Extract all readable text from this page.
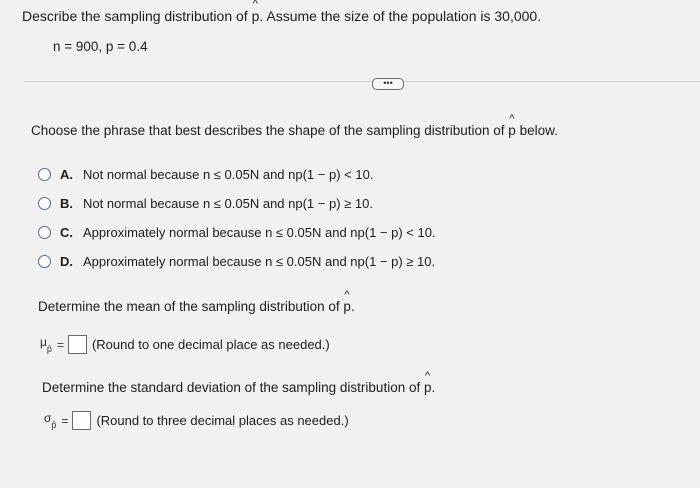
Describe the sampling distribution of
^
p. Assume the size of the population is 30,000.
n = 900, p = 0.4
•••
Choose the phrase that best describes the shape of the sampling distribution of
^
p below.
A. Not normal because n ≤ 0.05N and np(1 − p) < 10.
B. Not normal because n ≤ 0.05N and np(1 − p) ≥ 10.
C. Approximately normal because n ≤ 0.05N and np(1 − p) < 10.
D. Approximately normal because n ≤ 0.05N and np(1 − p) ≥ 10.
Determine the mean of the sampling distribution of
^
p.
μ p̂ = (Round to one decimal place as needed.)
Determine the standard deviation of the sampling distribution of
^
p.
σ p̂ = (Round to three decimal places as needed.)
